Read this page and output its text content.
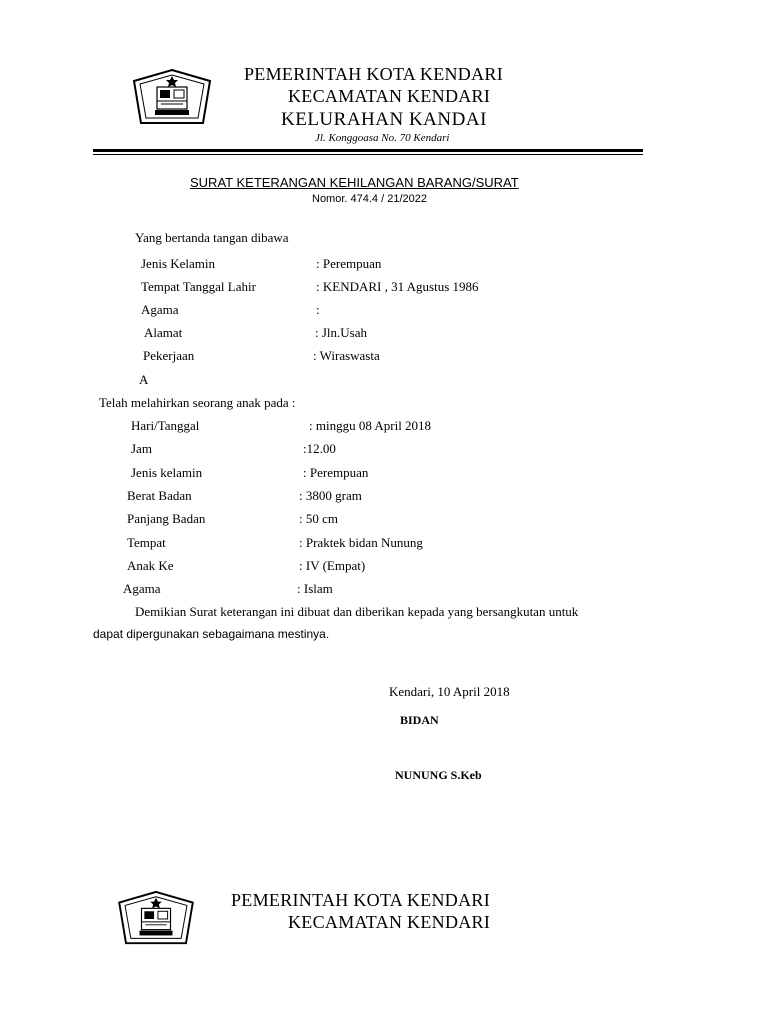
PEMERINTAH KOTA KENDARI
KECAMATAN KENDARI
KELURAHAN KANDAI
Jl. Konggoasa No. 70 Kendari
SURAT KETERANGAN KEHILANGAN BARANG/SURAT
Nomor. 474.4 / 21/2022
Yang bertanda tangan dibawa
Jenis Kelamin	: Perempuan
Tempat Tanggal Lahir	: KENDARI , 31 Agustus 1986
Agama	:
Alamat	: Jln.Usah
Pekerjaan	: Wiraswasta
A
Telah melahirkan seorang anak pada :
Hari/Tanggal	: minggu 08 April 2018
Jam	:12.00
Jenis kelamin	: Perempuan
Berat Badan	: 3800 gram
Panjang Badan	: 50 cm
Tempat	: Praktek bidan Nunung
Anak Ke	: IV (Empat)
Agama	: Islam
Demikian Surat keterangan ini dibuat dan diberikan kepada yang bersangkutan untuk
dapat dipergunakan sebagaimana mestinya.
Kendari, 10 April 2018
BIDAN
NUNUNG S.Keb
PEMERINTAH KOTA KENDARI
KECAMATAN KENDARI
